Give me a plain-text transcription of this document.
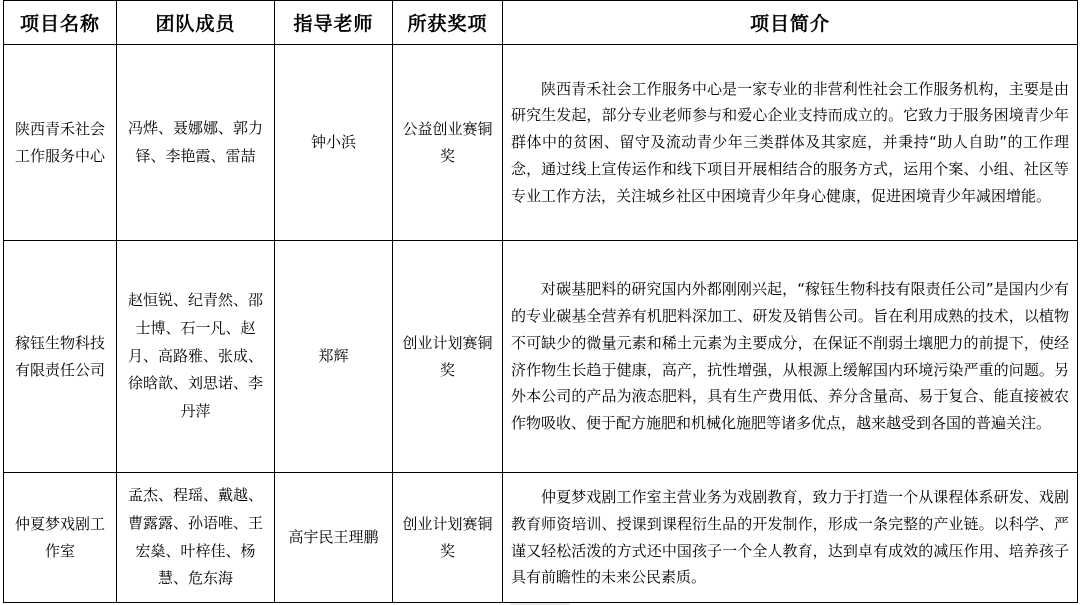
项目名称	团队成员	指导老师	所获奖项	项目简介
陕西青禾社会工作服务中心	冯烨、聂娜娜、郭力铎、李艳霞、雷喆	钟小浜	公益创业赛铜奖	陕西青禾社会工作服务中心是一家专业的非营利性社会工作服务机构，主要是由研究生发起，部分专业老师参与和爱心企业支持而成立的。它致力于服务困境青少年群体中的贫困、留守及流动青少年三类群体及其家庭，并秉持“助人自助”的工作理念，通过线上宣传运作和线下项目开展相结合的服务方式，运用个案、小组、社区等专业工作方法，关注城乡社区中困境青少年身心健康，促进困境青少年减困增能。

稼钰生物科技有限责任公司	赵恒锐、纪青然、邵士博、石一凡、赵月、高路雅、张成、徐晗歆、刘思诺、李丹萍	郑辉	创业计划赛铜奖	对碳基肥料的研究国内外都刚刚兴起，“稼钰生物科技有限责任公司”是国内少有的专业碳基全营养有机肥料深加工、研发及销售公司。旨在利用成熟的技术，以植物不可缺少的微量元素和稀土元素为主要成分，在保证不削弱土壤肥力的前提下，使经济作物生长趋于健康，高产，抗性增强，从根源上缓解国内环境污染严重的问题。另外本公司的产品为液态肥料，具有生产费用低、养分含量高、易于复合、能直接被农作物吸收、便于配方施肥和机械化施肥等诸多优点，越来越受到各国的普遍关注。

仲夏梦戏剧工作室	孟杰、程瑶、戴越、曹露露、孙语唯、王宏燊、叶梓佳、杨慧、危东海	高宇民王理鹏	创业计划赛铜奖	仲夏梦戏剧工作室主营业务为戏剧教育，致力于打造一个从课程体系研发、戏剧教育师资培训、授课到课程衍生品的开发制作，形成一条完整的产业链。以科学、严谨又轻松活泼的方式还中国孩子一个全人教育，达到卓有成效的减压作用、培养孩子具有前瞻性的未来公民素质。
